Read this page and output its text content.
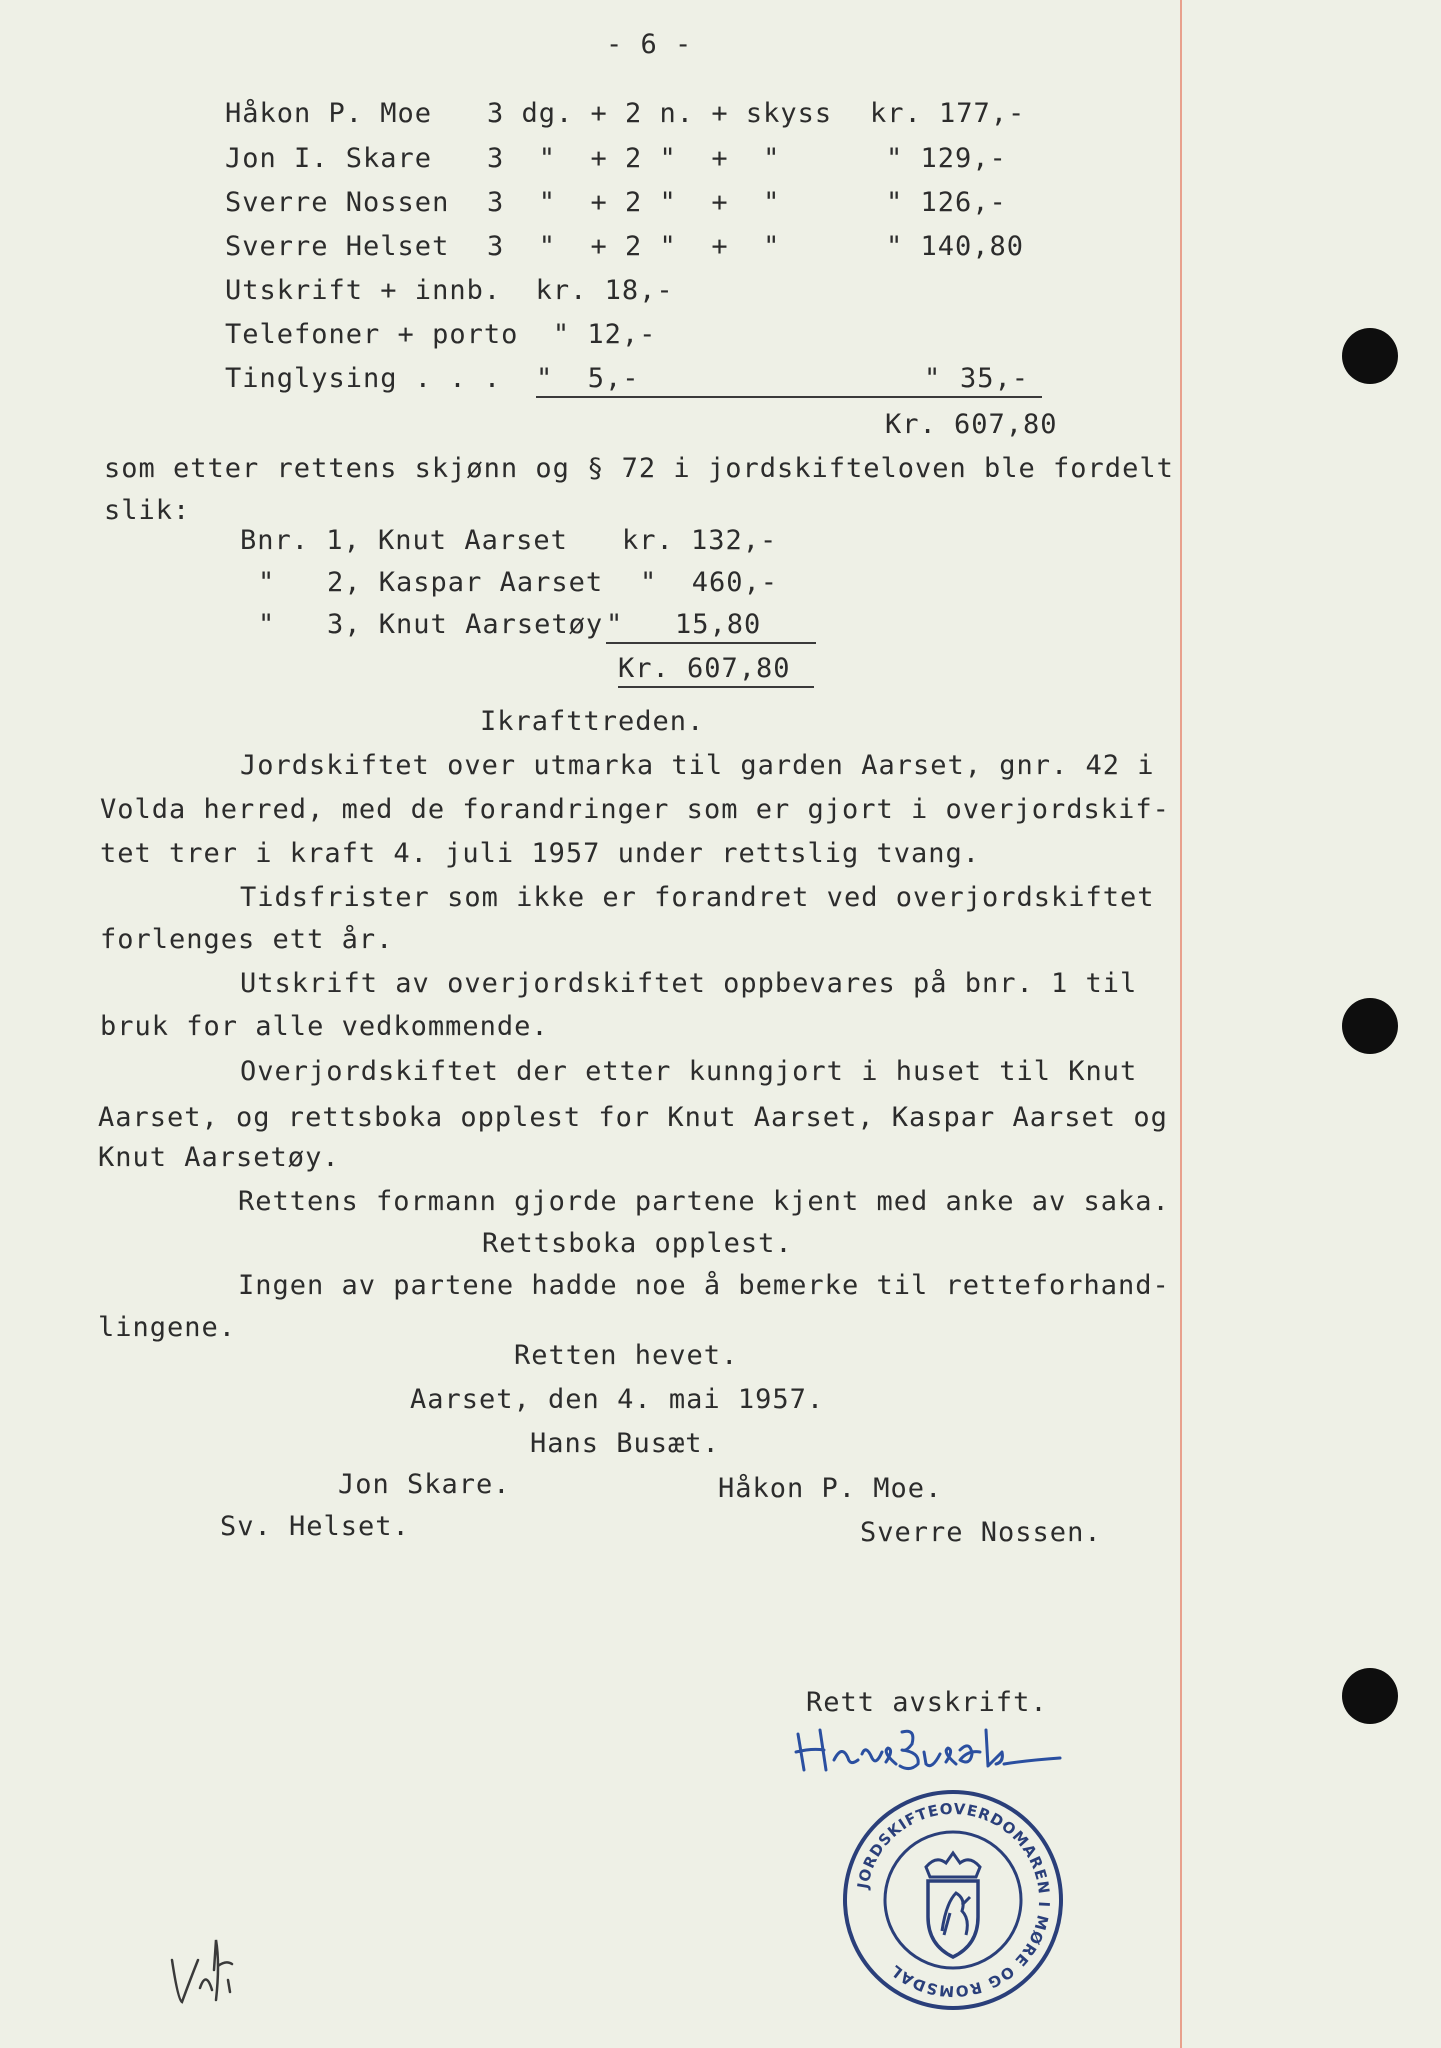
- 6 -
Håkon P. Moe 3 dg. + 2 n. + skyss kr. 177,-
Jon I. Skare 3  "  + 2 "  +  "	" 129,-
Sverre Nossen 3  "  + 2 "  +  "	" 126,-
Sverre Helset 3  "  + 2 "  +  "	" 140,80
Utskrift + innb.  kr. 18,-
Telefoner + porto  " 12,-
Tinglysing . . . "  5,-	" 35,-
Kr. 607,80
som etter rettens skjønn og § 72 i jordskifteloven ble fordelt
slik:
Bnr. 1, Knut Aarset kr. 132,-
"   2, Kaspar Aarset "  460,-
"   3, Knut Aarsetøy "   15,80
Kr. 607,80
Ikrafttreden.
Jordskiftet over utmarka til garden Aarset, gnr. 42 i
Volda herred, med de forandringer som er gjort i overjordskif-
tet trer i kraft 4. juli 1957 under rettslig tvang.
Tidsfrister som ikke er forandret ved overjordskiftet
forlenges ett år.
Utskrift av overjordskiftet oppbevares på bnr. 1 til
bruk for alle vedkommende.
Overjordskiftet der etter kunngjort i huset til Knut
Aarset, og rettsboka opplest for Knut Aarset, Kaspar Aarset og
Knut Aarsetøy.
Rettens formann gjorde partene kjent med anke av saka.
Rettsboka opplest.
Ingen av partene hadde noe å bemerke til retteforhand-
lingene.
Retten hevet.
Aarset, den 4. mai 1957.
Hans Busæt.
Jon Skare.	Håkon P. Moe.
Sv. Helset.	Sverre Nossen.
Rett avskrift.
JORDSKIFTEOVERDOMAREN I MØRE OG ROMSDAL
